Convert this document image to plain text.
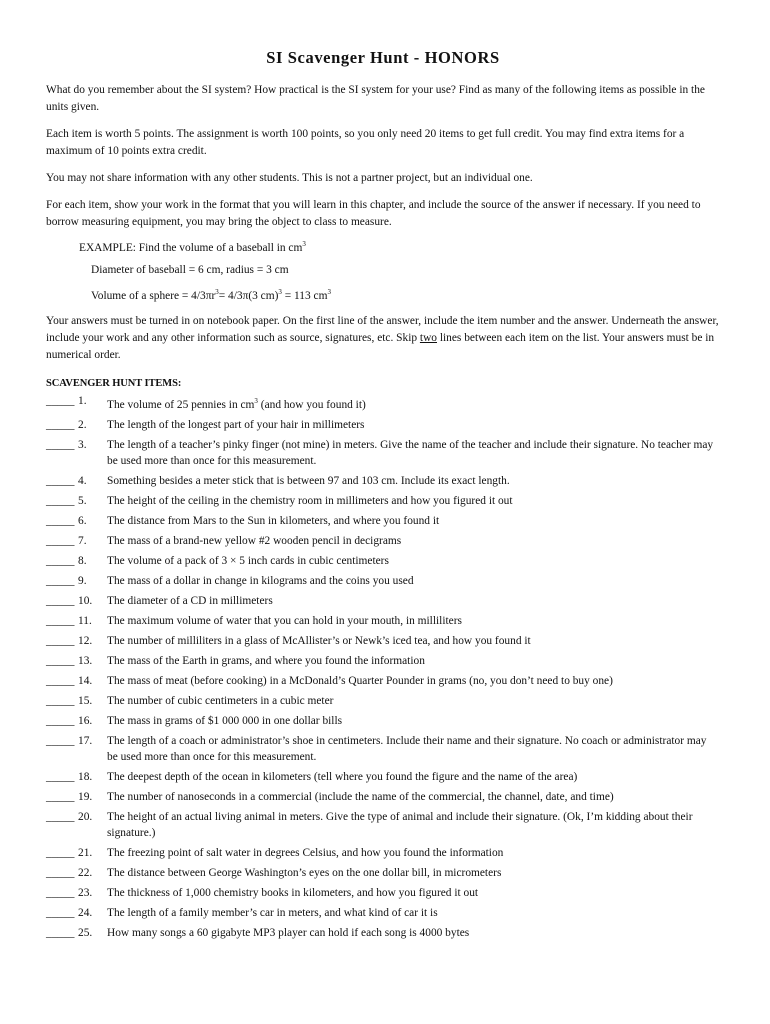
SI Scavenger Hunt - HONORS

What do you remember about the SI system? How practical is the SI system for your use? Find as many of the following items as possible in the units given.

Each item is worth 5 points. The assignment is worth 100 points, so you only need 20 items to get full credit. You may find extra items for a maximum of 10 points extra credit.

You may not share information with any other students. This is not a partner project, but an individual one.

For each item, show your work in the format that you will learn in this chapter, and include the source of the answer if necessary. If you need to borrow measuring equipment, you may bring the object to class to measure.

EXAMPLE: Find the volume of a baseball in $cm^3$
Diameter of baseball = 6 cm, radius = 3 cm
Volume of a sphere = $4/3\pi r^3= 4/3\pi(3$ cm)$^3$ = 113 $cm^3$

Your answers must be turned in on notebook paper. On the first line of the answer, include the item number and the answer. Underneath the answer, include your work and any other information such as source, signatures, etc. Skip two lines between each item on the list. Your answers must be in numerical order.

SCAVENGER HUNT ITEMS:
_____ 1.	The volume of 25 pennies in $cm^3$ (and how you found it)
_____ 2.	The length of the longest part of your hair in millimeters
_____ 3.	The length of a teacher’s pinky finger (not mine) in meters. Give the name of the teacher and include their signature. No teacher may be used more than once for this measurement.
_____ 4.	Something besides a meter stick that is between 97 and 103 cm. Include its exact length.
_____ 5.	The height of the ceiling in the chemistry room in millimeters and how you figured it out
_____ 6.	The distance from Mars to the Sun in kilometers, and where you found it
_____ 7.	The mass of a brand-new yellow #2 wooden pencil in decigrams
_____ 8.	The volume of a pack of 3 × 5 inch cards in cubic centimeters
_____ 9.	The mass of a dollar in change in kilograms and the coins you used
_____ 10.	The diameter of a CD in millimeters
_____ 11.	The maximum volume of water that you can hold in your mouth, in milliliters
_____ 12.	The number of milliliters in a glass of McAllister’s or Newk’s iced tea, and how you found it
_____ 13.	The mass of the Earth in grams, and where you found the information
_____ 14.	The mass of meat (before cooking) in a McDonald’s Quarter Pounder in grams (no, you don’t need to buy one)
_____ 15.	The number of cubic centimeters in a cubic meter
_____ 16.	The mass in grams of $1 000 000 in one dollar bills
_____ 17.	The length of a coach or administrator’s shoe in centimeters. Include their name and their signature. No coach or administrator may be used more than once for this measurement.
_____ 18.	The deepest depth of the ocean in kilometers (tell where you found the figure and the name of the area)
_____ 19.	The number of nanoseconds in a commercial (include the name of the commercial, the channel, date, and time)
_____ 20.	The height of an actual living animal in meters. Give the type of animal and include their signature. (Ok, I’m kidding about their signature.)
_____ 21.	The freezing point of salt water in degrees Celsius, and how you found the information
_____ 22.	The distance between George Washington’s eyes on the one dollar bill, in micrometers
_____ 23.	The thickness of 1,000 chemistry books in kilometers, and how you figured it out
_____ 24.	The length of a family member’s car in meters, and what kind of car it is
_____ 25.	How many songs a 60 gigabyte MP3 player can hold if each song is 4000 bytes
